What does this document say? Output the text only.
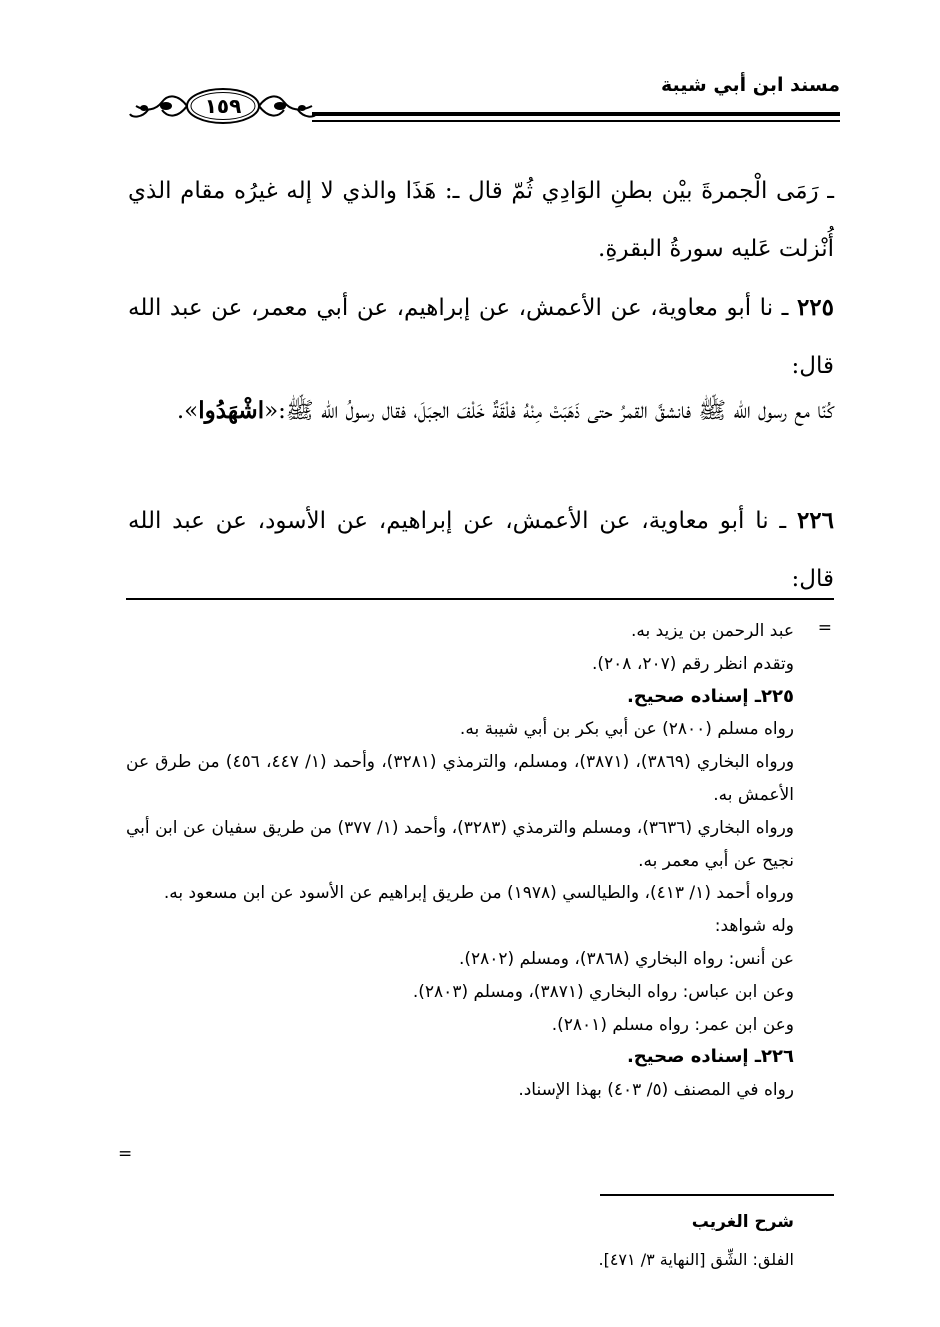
مسند ابن أبي شيبة
١٥٩
ـ رَمَى الْجمرةَ بيْن بطنِ الوَادِي ثُمّ قال ـ: هَذَا والذي لا إله غيرُه مقام الذي أُنْزلت عَليه سورةُ البقرةِ.
٢٢٥ ـ نا أبو معاوية، عن الأعمش، عن إبراهيم، عن أبي معمر، عن عبد الله قال:
كُنّا مع رسول الله ﷺ فانشقَّ القمرُ حتى ذَهَبَتْ مِنْهُ فلْقَةٌ خَلْفَ الجبَلَ، فقال رسولُ الله ﷺ:«اشْهَدُوا».
٢٢٦ ـ نا أبو معاوية، عن الأعمش، عن إبراهيم، عن الأسود، عن عبد الله قال:
=
عبد الرحمن بن يزيد به.
وتقدم انظر رقم (٢٠٧، ٢٠٨).
٢٢٥ـ إسناده صحيح.
رواه مسلم (٢٨٠٠) عن أبي بكر بن أبي شيبة به.
ورواه البخاري (٣٨٦٩)، (٣٨٧١)، ومسلم، والترمذي (٣٢٨١)، وأحمد (١/ ٤٤٧، ٤٥٦) من طرق عن الأعمش به.
ورواه البخاري (٣٦٣٦)، ومسلم والترمذي (٣٢٨٣)، وأحمد (١/ ٣٧٧) من طريق سفيان عن ابن أبي نجيح عن أبي معمر به.
ورواه أحمد (١/ ٤١٣)، والطيالسي (١٩٧٨) من طريق إبراهيم عن الأسود عن ابن مسعود به.
وله شواهد:
عن أنس: رواه البخاري (٣٨٦٨)، ومسلم (٢٨٠٢).
وعن ابن عباس: رواه البخاري (٣٨٧١)، ومسلم (٢٨٠٣).
وعن ابن عمر: رواه مسلم (٢٨٠١).
٢٢٦ـ إسناده صحيح.
رواه في المصنف (٥/ ٤٠٣) بهذا الإسناد.
=
شرح الغريب
الفلق: الشِّق [النهاية ٣/ ٤٧١].
